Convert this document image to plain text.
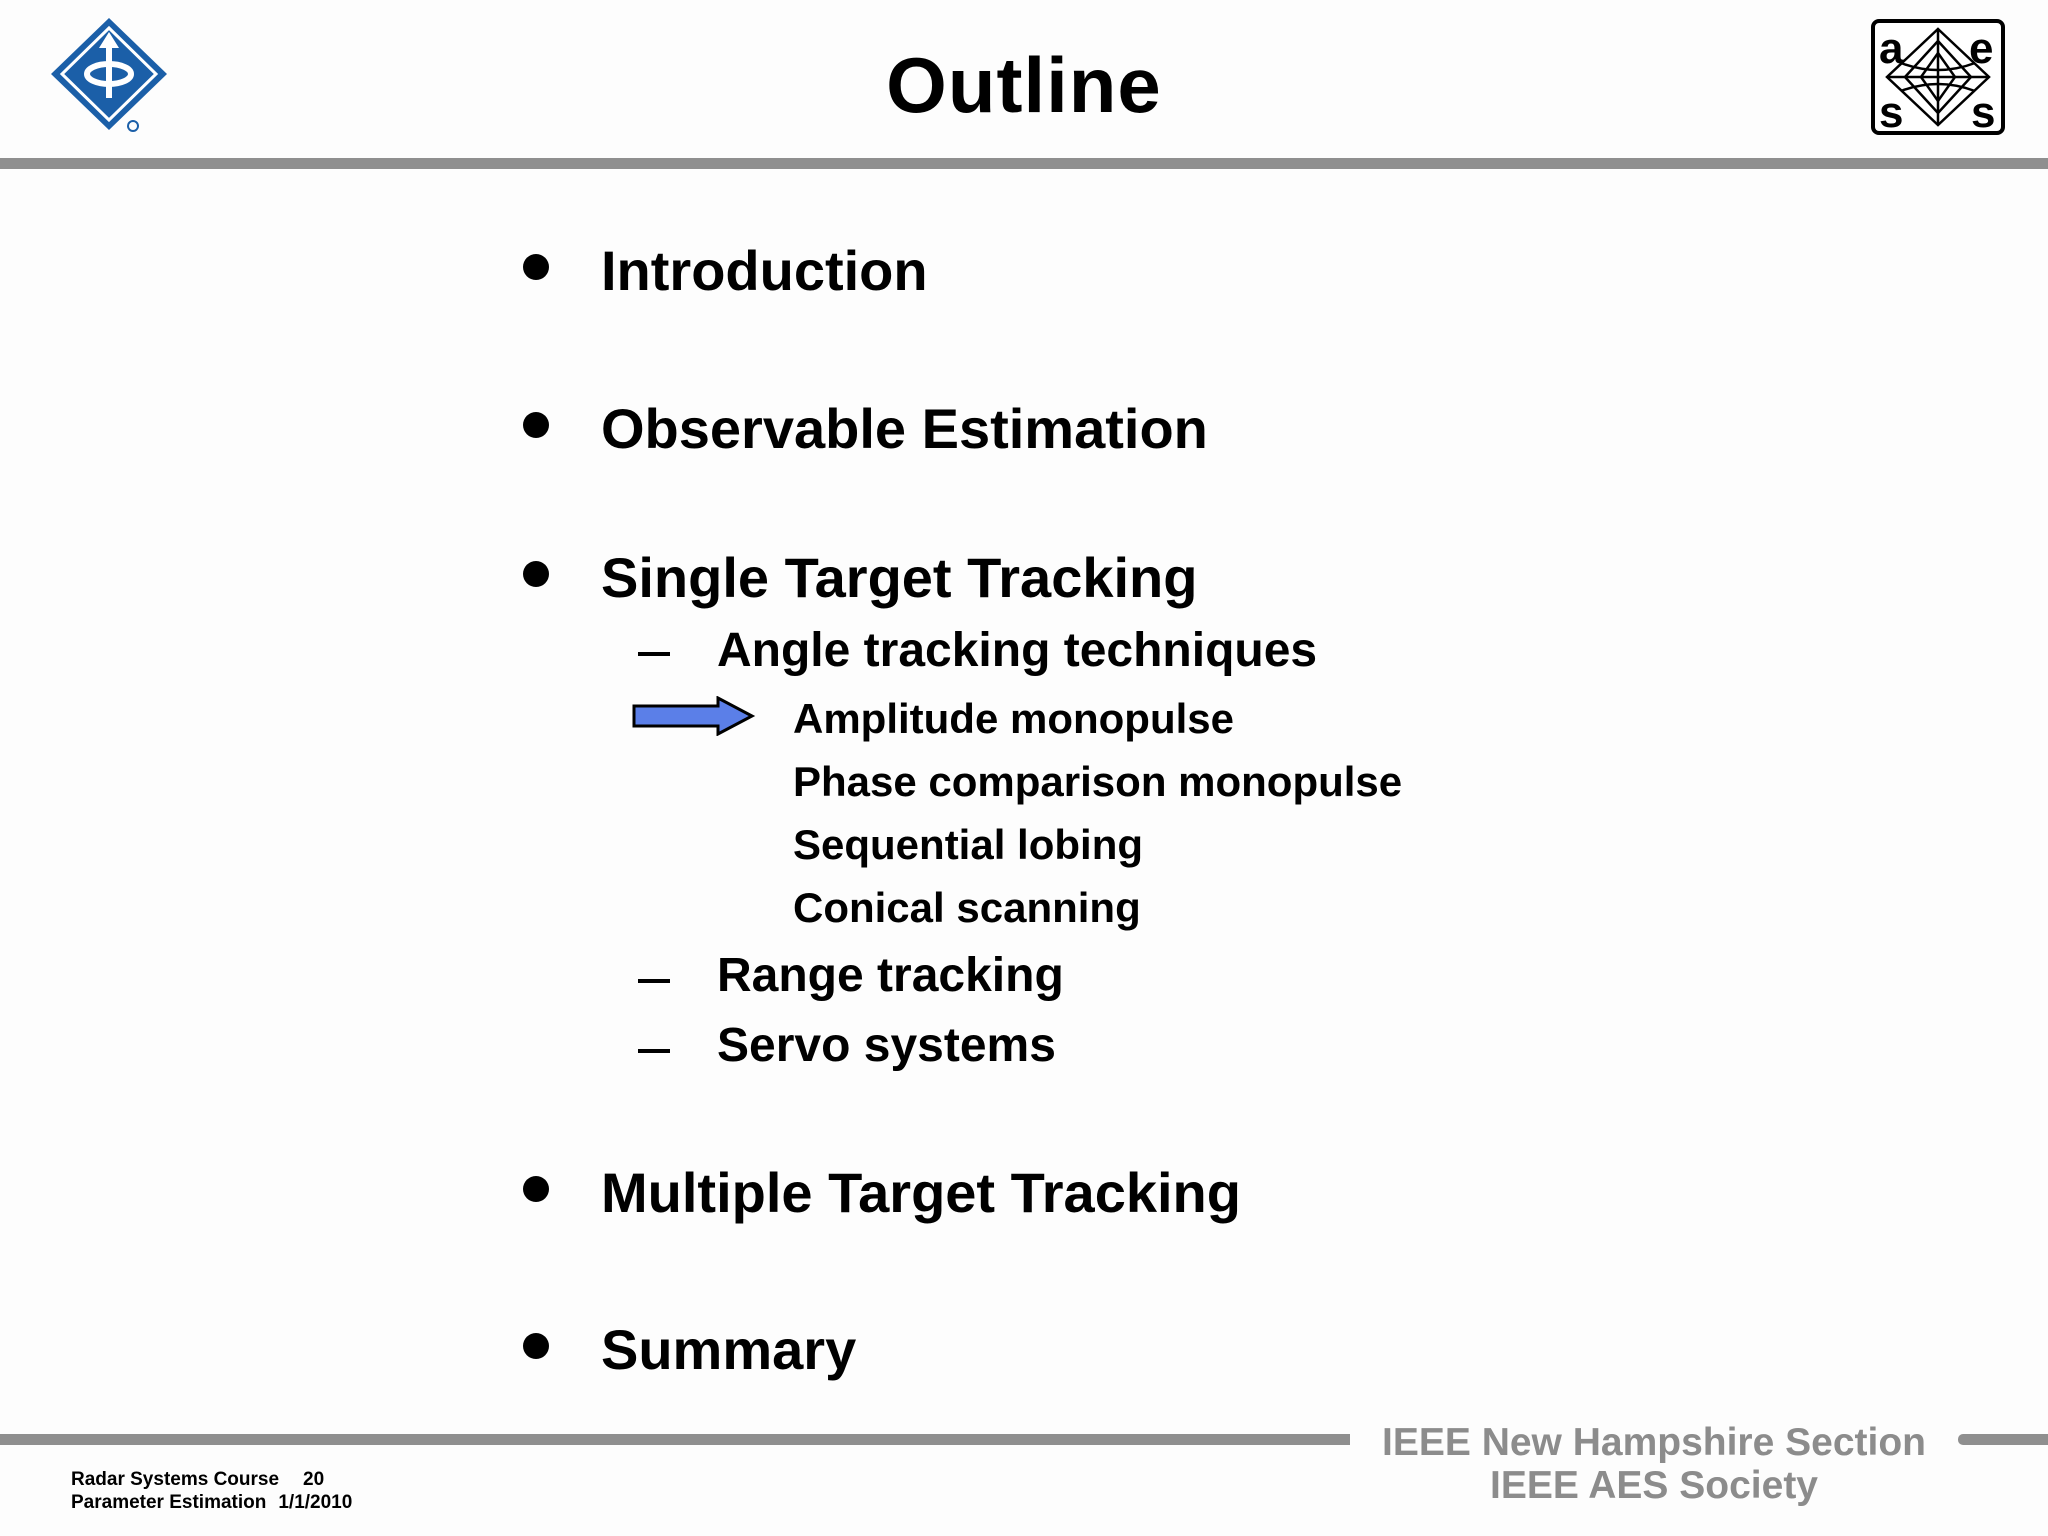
Outline	a e
s s
Introduction
Observable Estimation
Single Target Tracking
Angle tracking techniques
Amplitude monopulse
Phase comparison monopulse
Sequential lobing
Conical scanning
Range tracking
Servo systems
Multiple Target Tracking
Summary
Radar Systems Course 20
Parameter Estimation 1/1/2010
IEEE New Hampshire Section
IEEE AES Society
